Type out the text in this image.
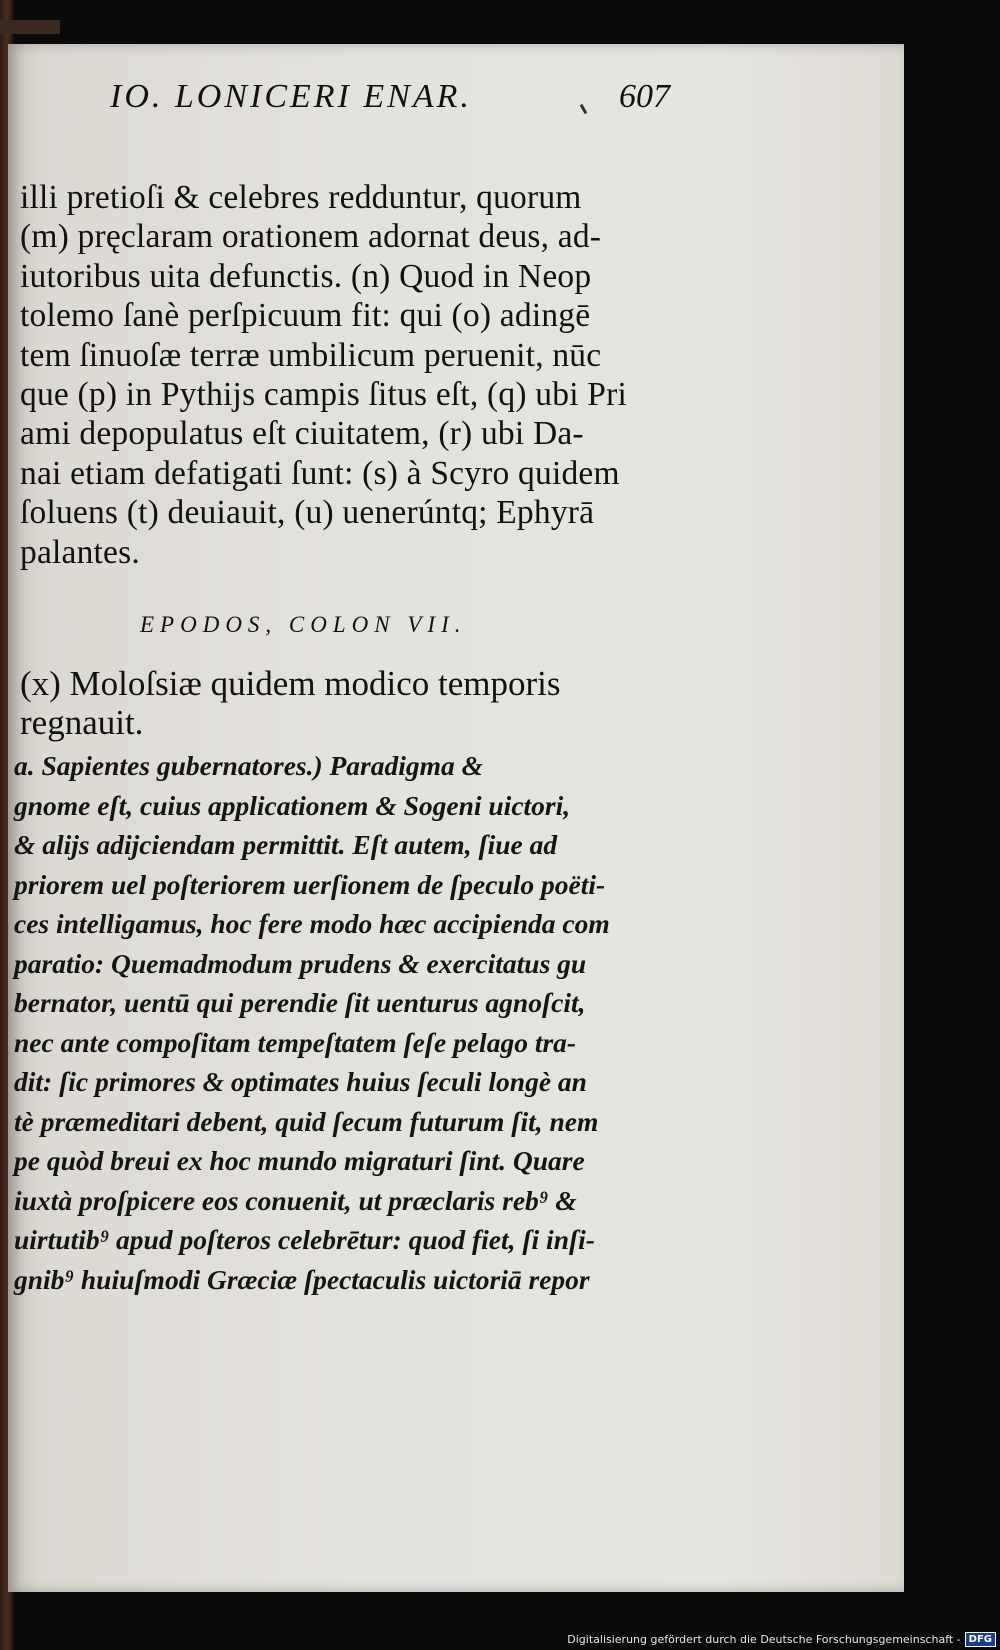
IO. LONICERI ENAR.	607
illi pretioſi & celebres redduntur, quorum
(m) pręclaram orationem adornat deus, ad-
iutoribus uita defunctis. (n) Quod in Neop
tolemo ſanè perſpicuum fit: qui (o) adingē
tem ſinuoſæ terræ umbilicum peruenit, nūc
que (p) in Pythijs campis ſitus eſt, (q) ubi Pri
ami depopulatus eſt ciuitatem, (r) ubi Da-
nai etiam defatigati ſunt: (s) à Scyro quidem
ſoluens (t) deuiauit, (u) uenerúntq; Ephyrā
palantes.
EPODOS, COLON VII.
(x) Moloſsiæ quidem modico temporis
regnauit.
a. Sapientes gubernatores.) Paradigma &
gnome eſt, cuius applicationem & Sogeni uictori,
& alijs adijciendam permittit. Eſt autem, ſiue ad
priorem uel poſteriorem uerſionem de ſpeculo poëti-
ces intelligamus, hoc fere modo hæc accipienda com
paratio: Quemadmodum prudens & exercitatus gu
bernator, uentū qui perendie ſit uenturus agnoſcit,
nec ante compoſitam tempeſtatem ſeſe pelago tra-
dit: ſic primores & optimates huius ſeculi longè an
tè præmeditari debent, quid ſecum futurum ſit, nem
pe quòd breui ex hoc mundo migraturi ſint. Quare
iuxtà proſpicere eos conuenit, ut præclaris reb⁹ &
uirtutib⁹ apud poſteros celebrētur: quod fiet, ſi inſi-
gnib⁹ huiuſmodi Græciæ ſpectaculis uictoriā repor
Digitalisierung gefördert durch die Deutsche Forschungsgemeinschaft - DFG
